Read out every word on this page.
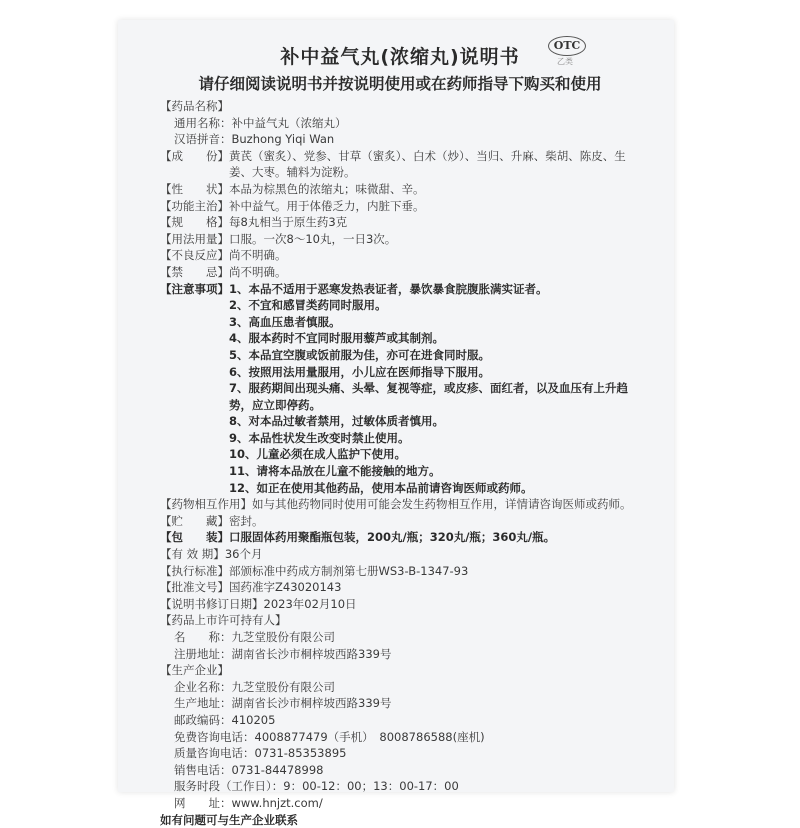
补中益气丸(浓缩丸)说明书
OTC
乙类
请仔细阅读说明书并按说明使用或在药师指导下购买和使用
【药品名称】
通用名称： 补中益气丸（浓缩丸）
汉语拼音： Buzhong Yiqi Wan
【成　　份】 黄芪（蜜炙）、党参、甘草（蜜炙）、白术（炒）、当归、升麻、柴胡、陈皮、生姜、大枣。辅料为淀粉。
【性　　状】 本品为棕黑色的浓缩丸；味微甜、辛。
【功能主治】 补中益气。用于体倦乏力，内脏下垂。
【规　　格】 每8丸相当于原生药3克
【用法用量】 口服。一次8～10丸，一日3次。
【不良反应】 尚不明确。
【禁　　忌】 尚不明确。
【注意事项】 1、本品不适用于恶寒发热表证者，暴饮暴食脘腹胀满实证者。
2、不宜和感冒类药同时服用。
3、高血压患者慎服。
4、服本药时不宜同时服用藜芦或其制剂。
5、本品宜空腹或饭前服为佳，亦可在进食同时服。
6、按照用法用量服用，小儿应在医师指导下服用。
7、服药期间出现头痛、头晕、复视等症，或皮疹、面红者，以及血压有上升趋势，应立即停药。
8、对本品过敏者禁用，过敏体质者慎用。
9、本品性状发生改变时禁止使用。
10、儿童必须在成人监护下使用。
11、请将本品放在儿童不能接触的地方。
12、如正在使用其他药品，使用本品前请咨询医师或药师。
【药物相互作用】 如与其他药物同时使用可能会发生药物相互作用，详情请咨询医师或药师。
【贮　　藏】 密封。
【包　　装】 口服固体药用聚酯瓶包装，200丸/瓶；320丸/瓶；360丸/瓶。
【有 效 期】 36个月
【执行标准】 部颁标准中药成方制剂第七册WS3-B-1347-93
【批准文号】 国药准字Z43020143
【说明书修订日期】 2023年02月10日
【药品上市许可持有人】
名　　称： 九芝堂股份有限公司
注册地址： 湖南省长沙市桐梓坡西路339号
【生产企业】
企业名称： 九芝堂股份有限公司
生产地址： 湖南省长沙市桐梓坡西路339号
邮政编码： 410205
免费咨询电话： 4008877479（手机）　8008786588(座机)
质量咨询电话： 0731-85353895
销售电话： 0731-84478998
服务时段（工作日）： 9：00-12：00；13：00-17：00
网　　址： www.hnjzt.com/
如有问题可与生产企业联系
